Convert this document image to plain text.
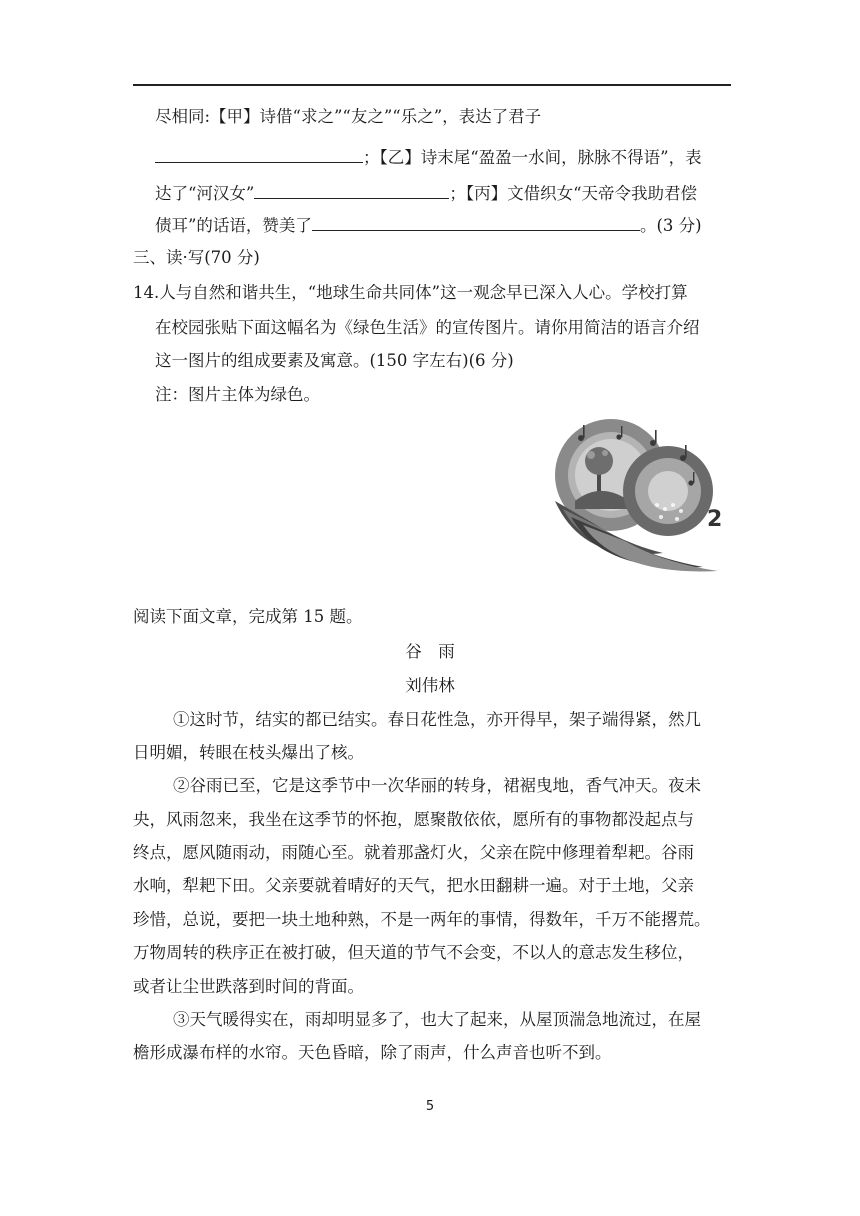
尽相同:【甲】诗借“求之”“友之”“乐之”，表达了君子
；【乙】诗末尾“盈盈一水间，脉脉不得语”，表
达了“河汉女”	；【丙】文借织女“天帝令我助君偿
债耳”的话语，赞美了	。(3 分)
三、读·写(70 分)
14.人与自然和谐共生，“地球生命共同体”这一观念早已深入人心。学校打算
在校园张贴下面这幅名为《绿色生活》的宣传图片。请你用简洁的语言介绍
这一图片的组成要素及寓意。(150 字左右)(6 分)
注：图片主体为绿色。
2
阅读下面文章，完成第 15 题。
谷　雨
刘伟林
①这时节，结实的都已结实。春日花性急，亦开得早，架子端得紧，然几
日明媚，转眼在枝头爆出了核。
②谷雨已至，它是这季节中一次华丽的转身，裙裾曳地，香气冲天。夜未
央，风雨忽来，我坐在这季节的怀抱，愿聚散依依，愿所有的事物都没起点与
终点，愿风随雨动，雨随心至。就着那盏灯火，父亲在院中修理着犁耙。谷雨
水响，犁耙下田。父亲要就着晴好的天气，把水田翻耕一遍。对于土地，父亲
珍惜，总说，要把一块土地种熟，不是一两年的事情，得数年，千万不能撂荒。
万物周转的秩序正在被打破，但天道的节气不会变，不以人的意志发生移位，
或者让尘世跌落到时间的背面。
③天气暖得实在，雨却明显多了，也大了起来，从屋顶湍急地流过，在屋
檐形成瀑布样的水帘。天色昏暗，除了雨声，什么声音也听不到。
5
